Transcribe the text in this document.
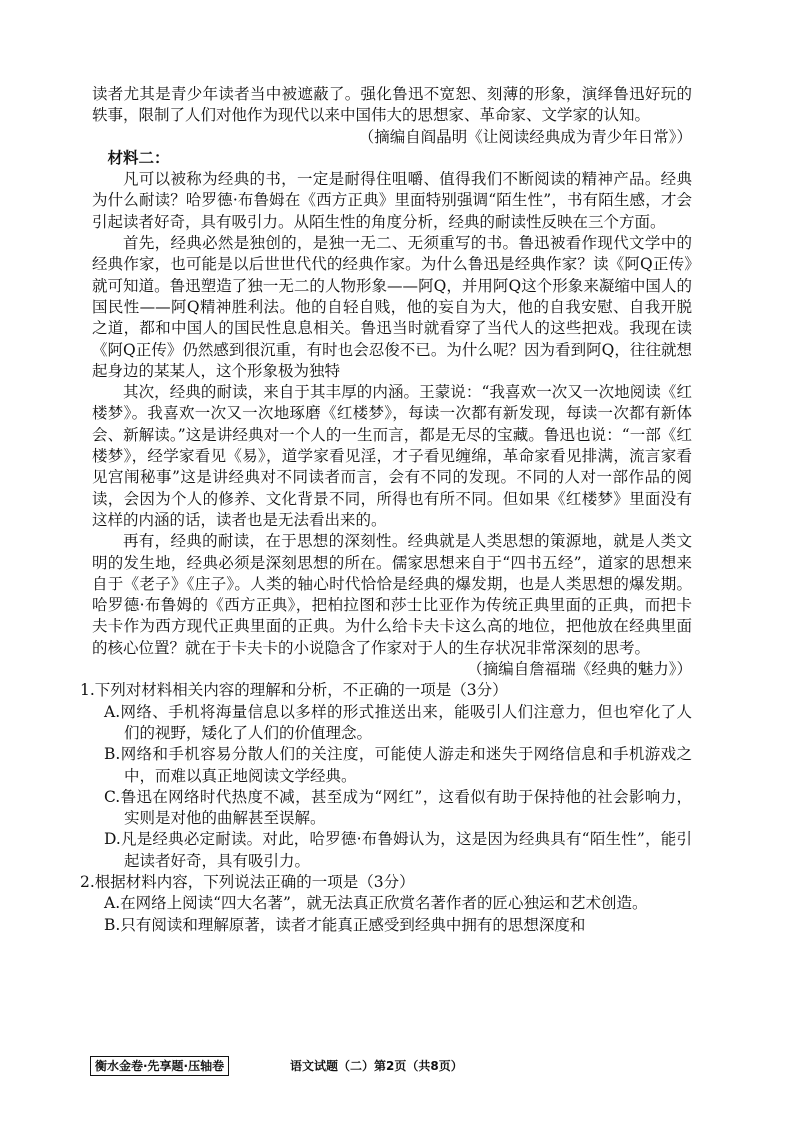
读者尤其是青少年读者当中被遮蔽了。强化鲁迅不宽恕、刻薄的形象，演绎鲁迅好玩的轶事，限制了人们对他作为现代以来中国伟大的思想家、革命家、文学家的认知。

（摘编自阎晶明《让阅读经典成为青少年日常》）

材料二：

凡可以被称为经典的书，一定是耐得住咀嚼、值得我们不断阅读的精神产品。经典为什么耐读？哈罗德·布鲁姆在《西方正典》里面特别强调“陌生性”，书有陌生感，才会引起读者好奇，具有吸引力。从陌生性的角度分析，经典的耐读性反映在三个方面。

首先，经典必然是独创的，是独一无二、无须重写的书。鲁迅被看作现代文学中的经典作家，也可能是以后世世代代的经典作家。为什么鲁迅是经典作家？读《阿Q正传》就可知道。鲁迅塑造了独一无二的人物形象——阿Q，并用阿Q这个形象来凝缩中国人的国民性——阿Q精神胜利法。他的自轻自贱，他的妄自为大，他的自我安慰、自我开脱之道，都和中国人的国民性息息相关。鲁迅当时就看穿了当代人的这些把戏。我现在读《阿Q正传》仍然感到很沉重，有时也会忍俊不已。为什么呢？因为看到阿Q，往往就想起身边的某某人，这个形象极为独特

其次，经典的耐读，来自于其丰厚的内涵。王蒙说：“我喜欢一次又一次地阅读《红楼梦》。我喜欢一次又一次地琢磨《红楼梦》，每读一次都有新发现，每读一次都有新体会、新解读。”这是讲经典对一个人的一生而言，都是无尽的宝藏。鲁迅也说：“一部《红楼梦》，经学家看见《易》，道学家看见淫，才子看见缠绵，革命家看见排满，流言家看见宫闱秘事”这是讲经典对不同读者而言，会有不同的发现。不同的人对一部作品的阅读，会因为个人的修养、文化背景不同，所得也有所不同。但如果《红楼梦》里面没有这样的内涵的话，读者也是无法看出来的。

再有，经典的耐读，在于思想的深刻性。经典就是人类思想的策源地，就是人类文明的发生地，经典必须是深刻思想的所在。儒家思想来自于“四书五经”，道家的思想来自于《老子》《庄子》。人类的轴心时代恰恰是经典的爆发期，也是人类思想的爆发期。哈罗德·布鲁姆的《西方正典》，把柏拉图和莎士比亚作为传统正典里面的正典，而把卡夫卡作为西方现代正典里面的正典。为什么给卡夫卡这么高的地位，把他放在经典里面的核心位置？就在于卡夫卡的小说隐含了作家对于人的生存状况非常深刻的思考。

（摘编自詹福瑞《经典的魅力》）

1.下列对材料相关内容的理解和分析，不正确的一项是（3分）

A.网络、手机将海量信息以多样的形式推送出来，能吸引人们注意力，但也窄化了人们的视野，矮化了人们的价值理念。

B.网络和手机容易分散人们的关注度，可能使人游走和迷失于网络信息和手机游戏之中，而难以真正地阅读文学经典。

C.鲁迅在网络时代热度不减，甚至成为“网红”，这看似有助于保持他的社会影响力，实则是对他的曲解甚至误解。

D.凡是经典必定耐读。对此，哈罗德·布鲁姆认为，这是因为经典具有“陌生性”，能引起读者好奇，具有吸引力。

2.根据材料内容，下列说法正确的一项是（3分）

A.在网络上阅读“四大名著”，就无法真正欣赏名著作者的匠心独运和艺术创造。

B.只有阅读和理解原著，读者才能真正感受到经典中拥有的思想深度和

衡水金卷·先享题·压轴卷	语文试题（二）第2页（共8页）
